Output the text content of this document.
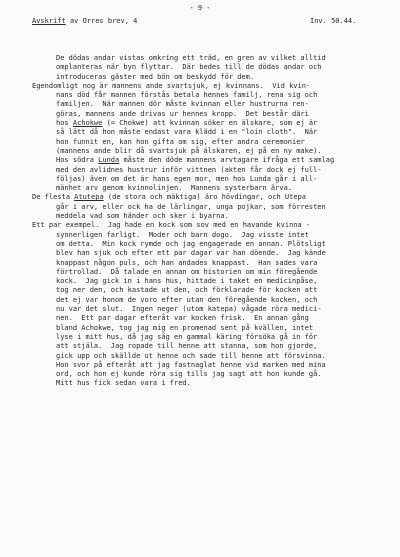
- 9 -
Avskrift av Orres brev, 4	Inv. 50.44.
De dödas andar vistas omkring ett träd, en gren av vilket alltid
omplanteras när byn flyttar.  Där bedes till de dödas andar och
introduceras gäster med bön om beskydd för dem.
Egendomligt nog är mannens ande svartsjuk, ej kvinnans.  Vid kvin-
nans död får mannen förstås betala hennes familj, rena sig och
familjen.  När mannen dör måste kvinnan eller hustrurna ren-
göras, mannens ande drivas ur hennes kropp.  Det består däri
hos Achokwe (= Chokwe) att kvinnan söker en älskare, som ej är
så lätt då hon måste endast vara klädd i en "loin cloth".  När
hon funnit en, kan hon gifta om sig, efter andra ceremonier
(mannens ande blir då svartsjuk på älskaren, ej på en ny make).
Hos södra Lunda måste den döde mannens arvtagare ifråga ett samlag
med den avlidnes hustrur inför vittnen (akten får dock ej full-
följas) även om det är hans egen mor, men hos Lunda går i all-
mänhet arv genom kvinnolinjen.  Mannens systerbarn ärva.
De flesta Atutepa (de stora och mäktiga) äro hövdingar, och Utepa
går i arv, eller ock ha de lärlingar, unga pojkar, som förresten
meddela vad som händer och sker i byarna.
Ett par exempel.  Jag hade en kock som sov med en havande kvinna -
synnerligen farligt.  Moder och barn dogo.  Jag visste intet
om detta.  Min kock rymde och jag engagerade en annan. Plötsligt
blev han sjuk och efter ett par dagar var han döende.  Jag kände
knappast någon puls, och han andades knappast.  Han sades vara
förtrollad.  Då talade en annan om historien om min föregående
kock.  Jag gick in i hans hus, hittade i taket en medicinpåse,
tog ner den, och kastade ut den, och förklarade för kocken att
det ej var honom de voro efter utan den föregående kocken, och
nu var det slut.  Ingen neger (utom katepa) vågade röra medici-
nen.  Ett par dagar efteråt var kocken frisk.  En annan gång
bland Achokwe, tog jag mig en promenad sent på kvällen, intet
lyse i mitt hus, då jag såg en gammal käring försöka gå in för
att stjäla.  Jag ropade till henne att stanna, som hon gjorde,
gick upp och skällde ut henne och sade till henne att försvinna.
Hon svor på efteråt att jag fastnaglat henne vid marken med mina
ord, och hon ej kunde röra sig tills jag sagt att hon kunde gå.
Mitt hus fick sedan vara i fred.
